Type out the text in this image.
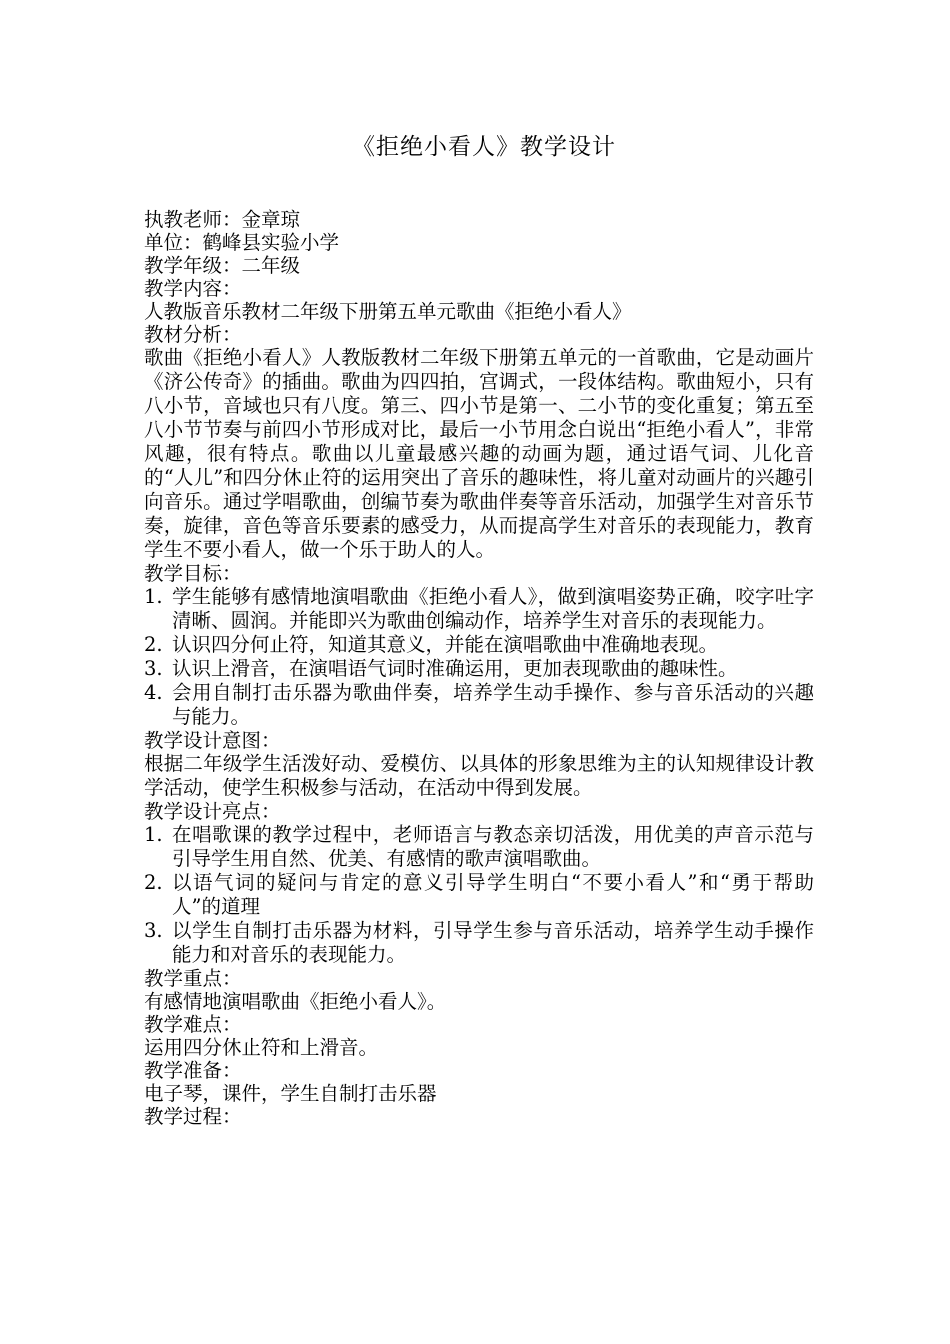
《拒绝小看人》教学设计
执教老师：金章琼
单位：鹤峰县实验小学
教学年级：二年级
教学内容：
人教版音乐教材二年级下册第五单元歌曲《拒绝小看人》
教材分析：
歌曲《拒绝小看人》人教版教材二年级下册第五单元的一首歌曲，它是动画片《济公传奇》的插曲。歌曲为四四拍，宫调式，一段体结构。歌曲短小，只有八小节，音域也只有八度。第三、四小节是第一、二小节的变化重复；第五至八小节节奏与前四小节形成对比，最后一小节用念白说出“拒绝小看人”，非常风趣，很有特点。歌曲以儿童最感兴趣的动画为题，通过语气词、儿化音的“人儿”和四分休止符的运用突出了音乐的趣味性，将儿童对动画片的兴趣引向音乐。通过学唱歌曲，创编节奏为歌曲伴奏等音乐活动，加强学生对音乐节奏，旋律，音色等音乐要素的感受力，从而提高学生对音乐的表现能力，教育学生不要小看人，做一个乐于助人的人。
教学目标：
1. 学生能够有感情地演唱歌曲《拒绝小看人》，做到演唱姿势正确，咬字吐字清晰、圆润。并能即兴为歌曲创编动作，培养学生对音乐的表现能力。
2. 认识四分何止符，知道其意义，并能在演唱歌曲中准确地表现。
3. 认识上滑音，在演唱语气词时准确运用，更加表现歌曲的趣味性。
4. 会用自制打击乐器为歌曲伴奏，培养学生动手操作、参与音乐活动的兴趣与能力。
教学设计意图：
根据二年级学生活泼好动、爱模仿、以具体的形象思维为主的认知规律设计教学活动，使学生积极参与活动，在活动中得到发展。
教学设计亮点：
1. 在唱歌课的教学过程中，老师语言与教态亲切活泼，用优美的声音示范与引导学生用自然、优美、有感情的歌声演唱歌曲。
2. 以语气词的疑问与肯定的意义引导学生明白“不要小看人”和“勇于帮助人”的道理
3. 以学生自制打击乐器为材料，引导学生参与音乐活动，培养学生动手操作能力和对音乐的表现能力。
教学重点：
有感情地演唱歌曲《拒绝小看人》。
教学难点：
运用四分休止符和上滑音。
教学准备：
电子琴，课件，学生自制打击乐器
教学过程：
